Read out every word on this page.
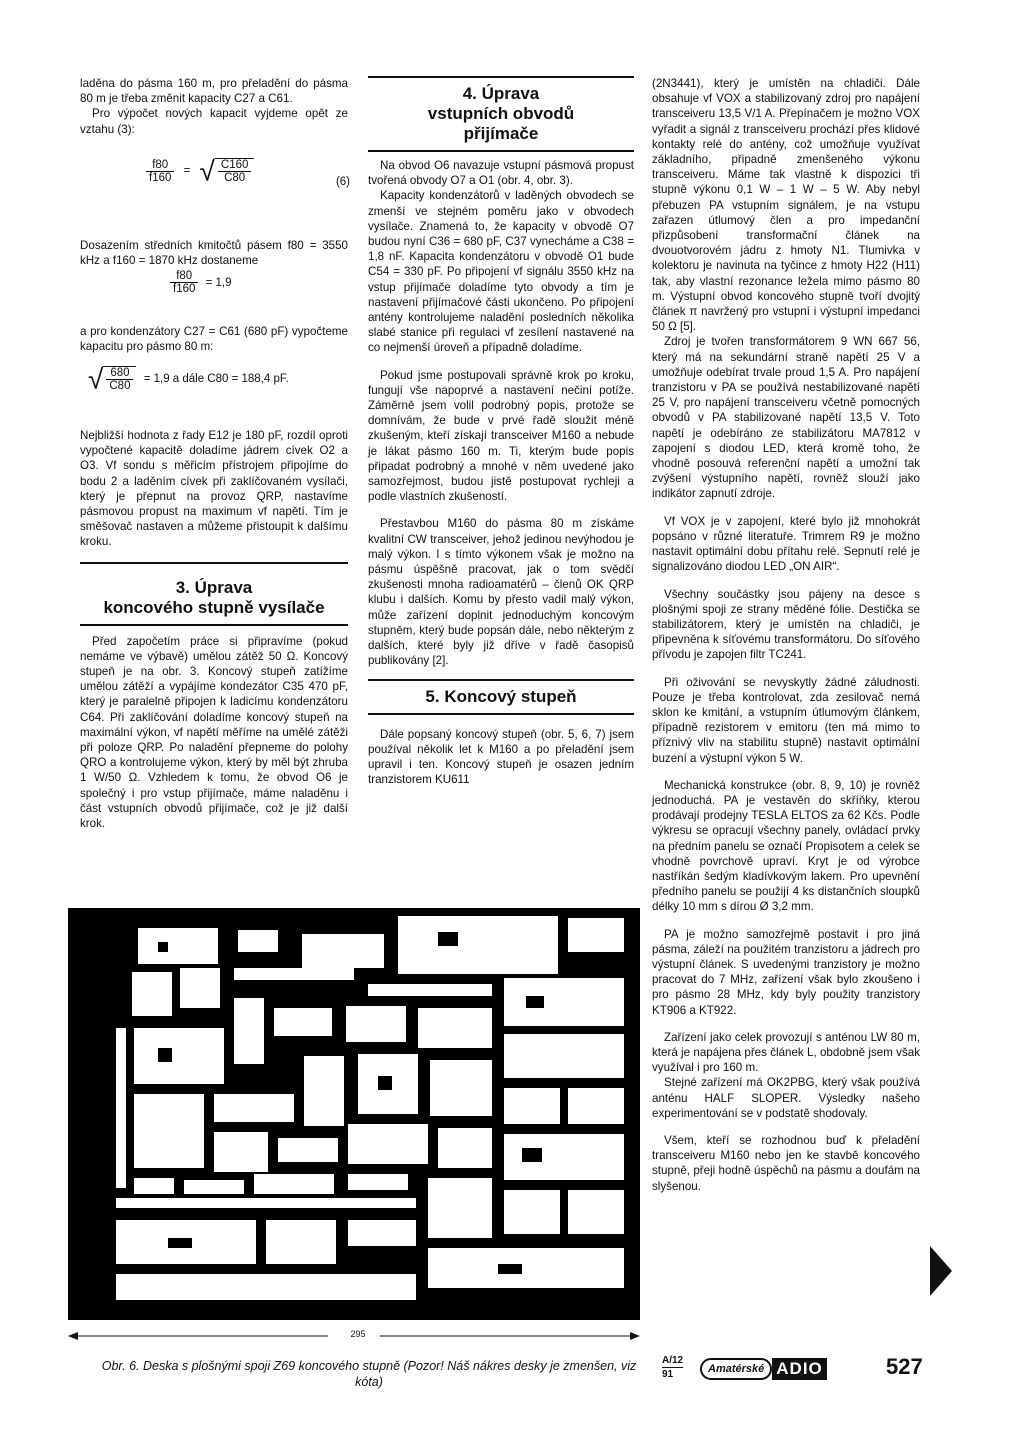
laděna do pásma 160 m, pro přeladění do pásma 80 m je třeba změnit kapacity C27 a C61.

Pro výpočet nových kapacit vyjdeme opět ze vztahu (3):

$\frac{f80}{f160}$ = √ $\frac{C160}{C80}$	(6)

Dosazením středních kmitočtů pásem f80 = 3550 kHz a f160 = 1870 kHz dostaneme

$\frac{f80}{f160} = 1,9$

a pro kondenzátory C27 = C61 (680 pF) vypočteme kapacitu pro pásmo 80 m:

√ $\frac{680}{C80} = 1,9$ a dále C80 = 188,4 pF.

Nejbližší hodnota z řady E12 je 180 pF, rozdíl oproti vypočtené kapacitě doladíme jádrem cívek O2 a O3. Vf sondu s měřicím přístrojem připojíme do bodu 2 a laděním cívek při zaklíčovaném vysílači, který je přepnut na provoz QRP, nastavíme pásmovou propust na maximum vf napětí. Tím je směšovač nastaven a můžeme přistoupit k dalšímu kroku.

3. Úprava
koncového stupně vysílače

Před započetím práce si připravíme (pokud nemáme ve výbavě) umělou zátěž 50 Ω. Koncový stupeň je na obr. 3. Koncový stupeň zatížíme umělou zátěží a vypájíme kondezátor C35 470 pF, který je paralelně připojen k ladicímu kondenzátoru C64. Při zaklíčování doladíme koncový stupeň na maximální výkon, vf napětí měříme na umělé zátěži při poloze QRP. Po naladění přepneme do polohy QRO a kontrolujeme výkon, který by měl být zhruba 1 W/50 Ω. Vzhledem k tomu, že obvod O6 je společný i pro vstup přijímače, máme naladěnu i část vstupních obvodů přijímače, což je již další krok.

4. Úprava
vstupních obvodů
přijímače

Na obvod O6 navazuje vstupní pásmová propust tvořená obvody O7 a O1 (obr. 4, obr. 3).

Kapacity kondenzátorů v laděných obvodech se zmenší ve stejném poměru jako v obvodech vysílače. Znamená to, že kapacity v obvodě O7 budou nyní C36 = 680 pF, C37 vynecháme a C38 = 1,8 nF. Kapacita kondenzátoru v obvodě O1 bude C54 = 330 pF. Po připojení vf signálu 3550 kHz na vstup přijímače doladíme tyto obvody a tím je nastavení přijímačové části ukončeno. Po připojení antény kontrolujeme naladění posledních několika slabé stanice při regulaci vf zesílení nastavené na co nejmenší úroveň a případně doladíme.

Pokud jsme postupovali správně krok po kroku, fungují vše napoprvé a nastavení nečiní potíže. Záměrně jsem volil podrobný popis, protože se domnívám, že bude v prvé řadě sloužit méně zkušeným, kteří získají transceiver M160 a nebude je lákat pásmo 160 m. Ti, kterým bude popis připadat podrobný a mnohé v něm uvedené jako samozřejmost, budou jistě postupovat rychleji a podle vlastních zkušeností.

Přestavbou M160 do pásma 80 m získáme kvalitní CW transceiver, jehož jedinou nevýhodou je malý výkon. I s tímto výkonem však je možno na pásmu úspěšně pracovat, jak o tom svědčí zkušenosti mnoha radioamatérů – členů OK QRP klubu i dalších. Komu by přesto vadil malý výkon, může zařízení doplnit jednoduchým koncovým stupněm, který bude popsán dále, nebo některým z dalších, které byly již dříve v řadě časopisů publikovány [2].

5. Koncový stupeň

Dále popsaný koncový stupeň (obr. 5, 6, 7) jsem používal několik let k M160 a po přeladění jsem upravil i ten. Koncový stupeň je osazen jedním tranzistorem KU611

(2N3441), který je umístěn na chladiči. Dále obsahuje vf VOX a stabilizovaný zdroj pro napájení transceiveru 13,5 V/1 A. Přepínačem je možno VOX vyřadit a signál z transceiveru prochází přes klidové kontakty relé do antény, což umožňuje využívat základního, připadně zmenšeného výkonu transceiveru. Máme tak vlastně k dispozici tři stupně výkonu 0,1 W – 1 W – 5 W. Aby nebyl přebuzen PA vstupním signálem, je na vstupu zařazen útlumový člen a pro impedanční přizpůsobení transformační článek na dvouotvorovém jádru z hmoty N1. Tlumivka v kolektoru je navinuta na tyčince z hmoty H22 (H11) tak, aby vlastní rezonance ležela mimo pásmo 80 m. Výstupní obvod koncového stupně tvoří dvojitý článek π navržený pro vstupní i výstupní impedanci 50 Ω [5].

Zdroj je tvořen transformátorem 9 WN 667 56, který má na sekundární straně napětí 25 V a umožňuje odebírat trvale proud 1,5 A. Pro napájení tranzistoru v PA se používá nestabilizované napětí 25 V, pro napájení transceiveru včetně pomocných obvodů v PA stabilizované napětí 13,5 V. Toto napětí je odebíráno ze stabilizátoru MA7812 v zapojení s diodou LED, která kromě toho, že vhodně posouvá referenční napětí a umožní tak zvýšení výstupního napětí, rovněž slouží jako indikátor zapnutí zdroje.

Vf VOX je v zapojení, které bylo již mnohokrát popsáno v různé literatuře. Trimrem R9 je možno nastavit optimální dobu přítahu relé. Sepnutí relé je signalizováno diodou LED „ON AIR“.

Všechny součástky jsou pájeny na desce s plošnými spoji ze strany měděné fólie. Destička se stabilizátorem, který je umístěn na chladiči, je připevněna k síťovému transformátoru. Do síťového přívodu je zapojen filtr TC241.

Při oživování se nevyskytly žádné záludnosti. Pouze je třeba kontrolovat, zda zesilovač nemá sklon ke kmitání, a vstupním útlumovým článkem, případně rezistorem v emitoru (ten má mimo to příznivý vliv na stabilitu stupně) nastavit optimální buzení a výstupní výkon 5 W.

Mechanická konstrukce (obr. 8, 9, 10) je rovněž jednoduchá. PA je vestavěn do skříňky, kterou prodávají prodejny TESLA ELTOS za 62 Kčs. Podle výkresu se opracují všechny panely, ovládací prvky na předním panelu se označí Propisotem a celek se vhodně povrchově upraví. Kryt je od výrobce nastříkán šedým kladívkovým lakem. Pro upevnění předního panelu se použijí 4 ks distančních sloupků délky 10 mm s dírou Ø 3,2 mm.

PA je možno samozřejmě postavit i pro jiná pásma, záleží na použitém tranzistoru a jádrech pro výstupní článek. S uvedenými tranzistory je možno pracovat do 7 MHz, zařízení však bylo zkoušeno i pro pásmo 28 MHz, kdy byly použity tranzistory KT906 a KT922.

Zařízení jako celek provozují s anténou LW 80 m, která je napájena přes článek L, obdobně jsem však využíval i pro 160 m.

Stejné zařízení má OK2PBG, který však používá anténu HALF SLOPER. Výsledky našeho experimentování se v podstatě shodovaly.

Všem, kteří se rozhodnou buď k přeladění transceiveru M160 nebo jen ke stavbě koncového stupně, přeji hodně úspěchů na pásmu a doufám na slyšenou.

295
Obr. 6. Deska s plošnými spoji Z69 koncového stupně (Pozor! Náš nákres desky je zmenšen, viz kóta)
A/12
91	Amatérské ADIO	527
